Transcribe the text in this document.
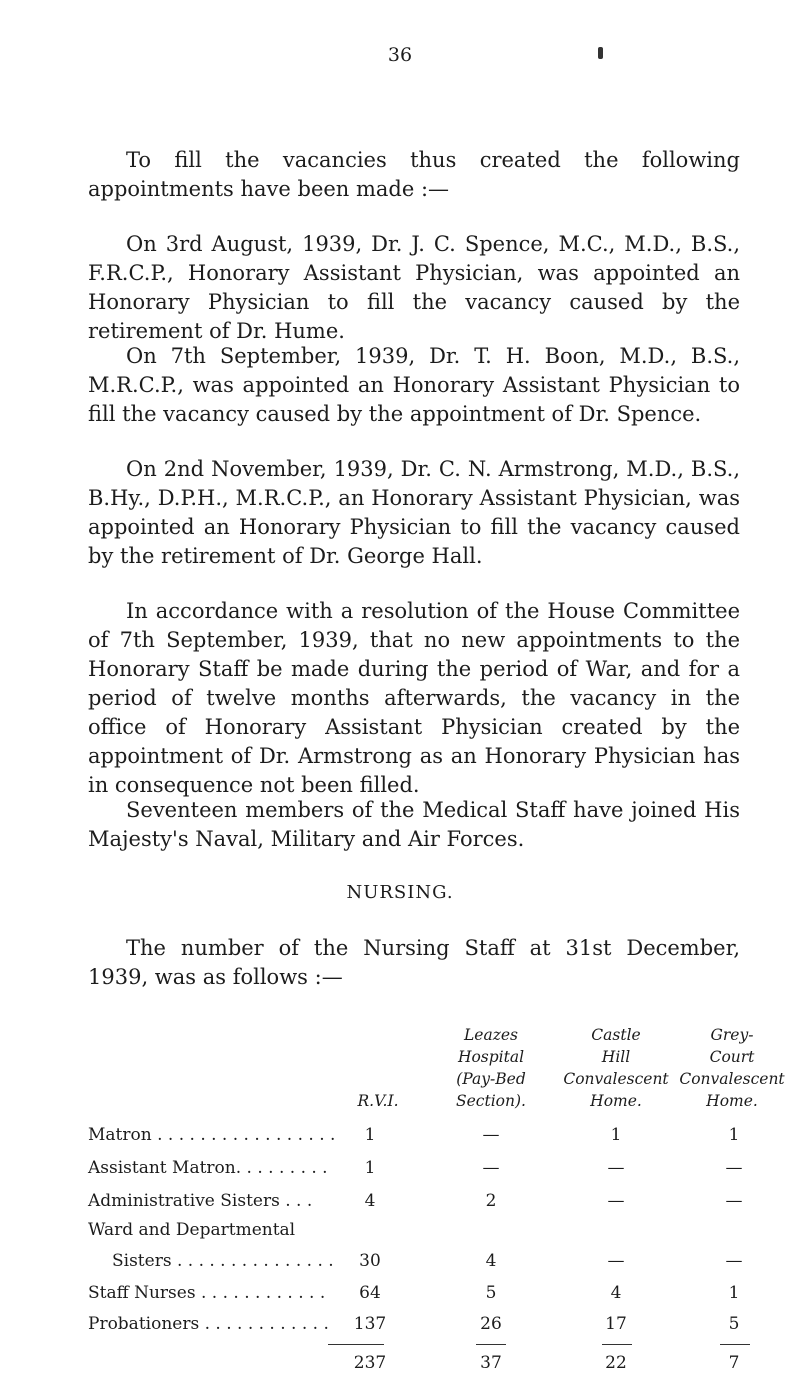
36

To fill the vacancies thus created the following appointments have been made :—

On 3rd August, 1939, Dr. J. C. Spence, M.C., M.D., B.S., F.R.C.P., Honorary Assistant Physician, was appointed an Honorary Physician to fill the vacancy caused by the retirement of Dr. Hume.

On 7th September, 1939, Dr. T. H. Boon, M.D., B.S., M.R.C.P., was appointed an Honorary Assistant Physician to fill the vacancy caused by the appointment of Dr. Spence.

On 2nd November, 1939, Dr. C. N. Armstrong, M.D., B.S., B.Hy., D.P.H., M.R.C.P., an Honorary Assistant Physician, was appointed an Honorary Physician to fill the vacancy caused by the retirement of Dr. George Hall.

In accordance with a resolution of the House Committee of 7th September, 1939, that no new appointments to the Honorary Staff be made during the period of War, and for a period of twelve months afterwards, the vacancy in the office of Honorary Assistant Physician created by the appointment of Dr. Armstrong as an Honorary Physician has in consequence not been filled.

Seventeen members of the Medical Staff have joined His Majesty's Naval, Military and Air Forces.

NURSING.

The number of the Nursing Staff at 31st December, 1939, was as follows :—

R.V.I.
Leazes
Hospital
(Pay-Bed
Section).
Castle
Hill
Convalescent
Home.
Grey-
Court
Convalescent
Home.
Matron . . . . . . . . . . . . . . . . .	1	—	1	1
Assistant Matron. . . . . . . . .	1	—	—	—
Administrative Sisters . . .	4	2	—	—
Ward and Departmental
Sisters . . . . . . . . . . . . . . .	30	4	—	—
Staff Nurses . . . . . . . . . . . .	64	5	4	1
Probationers . . . . . . . . . . . .	137	26	17	5
237	37	22	7
